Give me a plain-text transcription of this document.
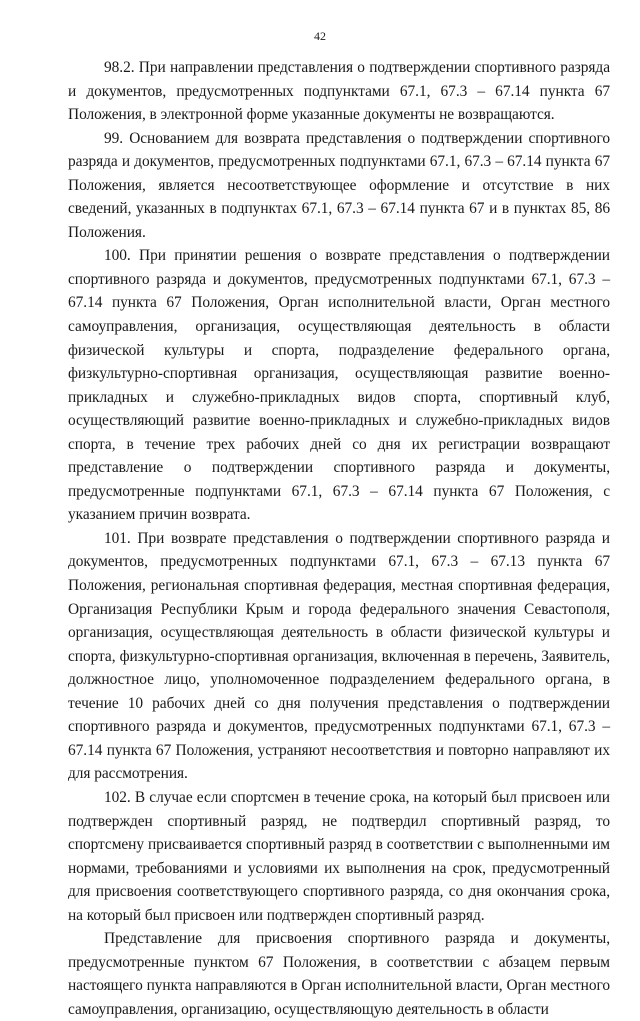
42

98.2. При направлении представления о подтверждении спортивного разряда и документов, предусмотренных подпунктами 67.1, 67.3 – 67.14 пункта 67 Положения, в электронной форме указанные документы не возвращаются.

99. Основанием для возврата представления о подтверждении спортивного разряда и документов, предусмотренных подпунктами 67.1, 67.3 – 67.14 пункта 67 Положения, является несоответствующее оформление и отсутствие в них сведений, указанных в подпунктах 67.1, 67.3 – 67.14 пункта 67 и в пунктах 85, 86 Положения.

100. При принятии решения о возврате представления о подтверждении спортивного разряда и документов, предусмотренных подпунктами 67.1, 67.3 – 67.14 пункта 67 Положения, Орган исполнительной власти, Орган местного самоуправления, организация, осуществляющая деятельность в области физической культуры и спорта, подразделение федерального органа, физкультурно-спортивная организация, осуществляющая развитие военно-прикладных и служебно-прикладных видов спорта, спортивный клуб, осуществляющий развитие военно-прикладных и служебно-прикладных видов спорта, в течение трех рабочих дней со дня их регистрации возвращают представление о подтверждении спортивного разряда и документы, предусмотренные подпунктами 67.1, 67.3 – 67.14 пункта 67 Положения, с указанием причин возврата.

101. При возврате представления о подтверждении спортивного разряда и документов, предусмотренных подпунктами 67.1, 67.3 – 67.13 пункта 67 Положения, региональная спортивная федерация, местная спортивная федерация, Организация Республики Крым и города федерального значения Севастополя, организация, осуществляющая деятельность в области физической культуры и спорта, физкультурно-спортивная организация, включенная в перечень, Заявитель, должностное лицо, уполномоченное подразделением федерального органа, в течение 10 рабочих дней со дня получения представления о подтверждении спортивного разряда и документов, предусмотренных подпунктами 67.1, 67.3 – 67.14 пункта 67 Положения, устраняют несоответствия и повторно направляют их для рассмотрения.

102. В случае если спортсмен в течение срока, на который был присвоен или подтвержден спортивный разряд, не подтвердил спортивный разряд, то спортсмену присваивается спортивный разряд в соответствии с выполненными им нормами, требованиями и условиями их выполнения на срок, предусмотренный для присвоения соответствующего спортивного разряда, со дня окончания срока, на который был присвоен или подтвержден спортивный разряд.

Представление для присвоения спортивного разряда и документы, предусмотренные пунктом 67 Положения, в соответствии с абзацем первым настоящего пункта направляются в Орган исполнительной власти, Орган местного самоуправления, организацию, осуществляющую деятельность в области
